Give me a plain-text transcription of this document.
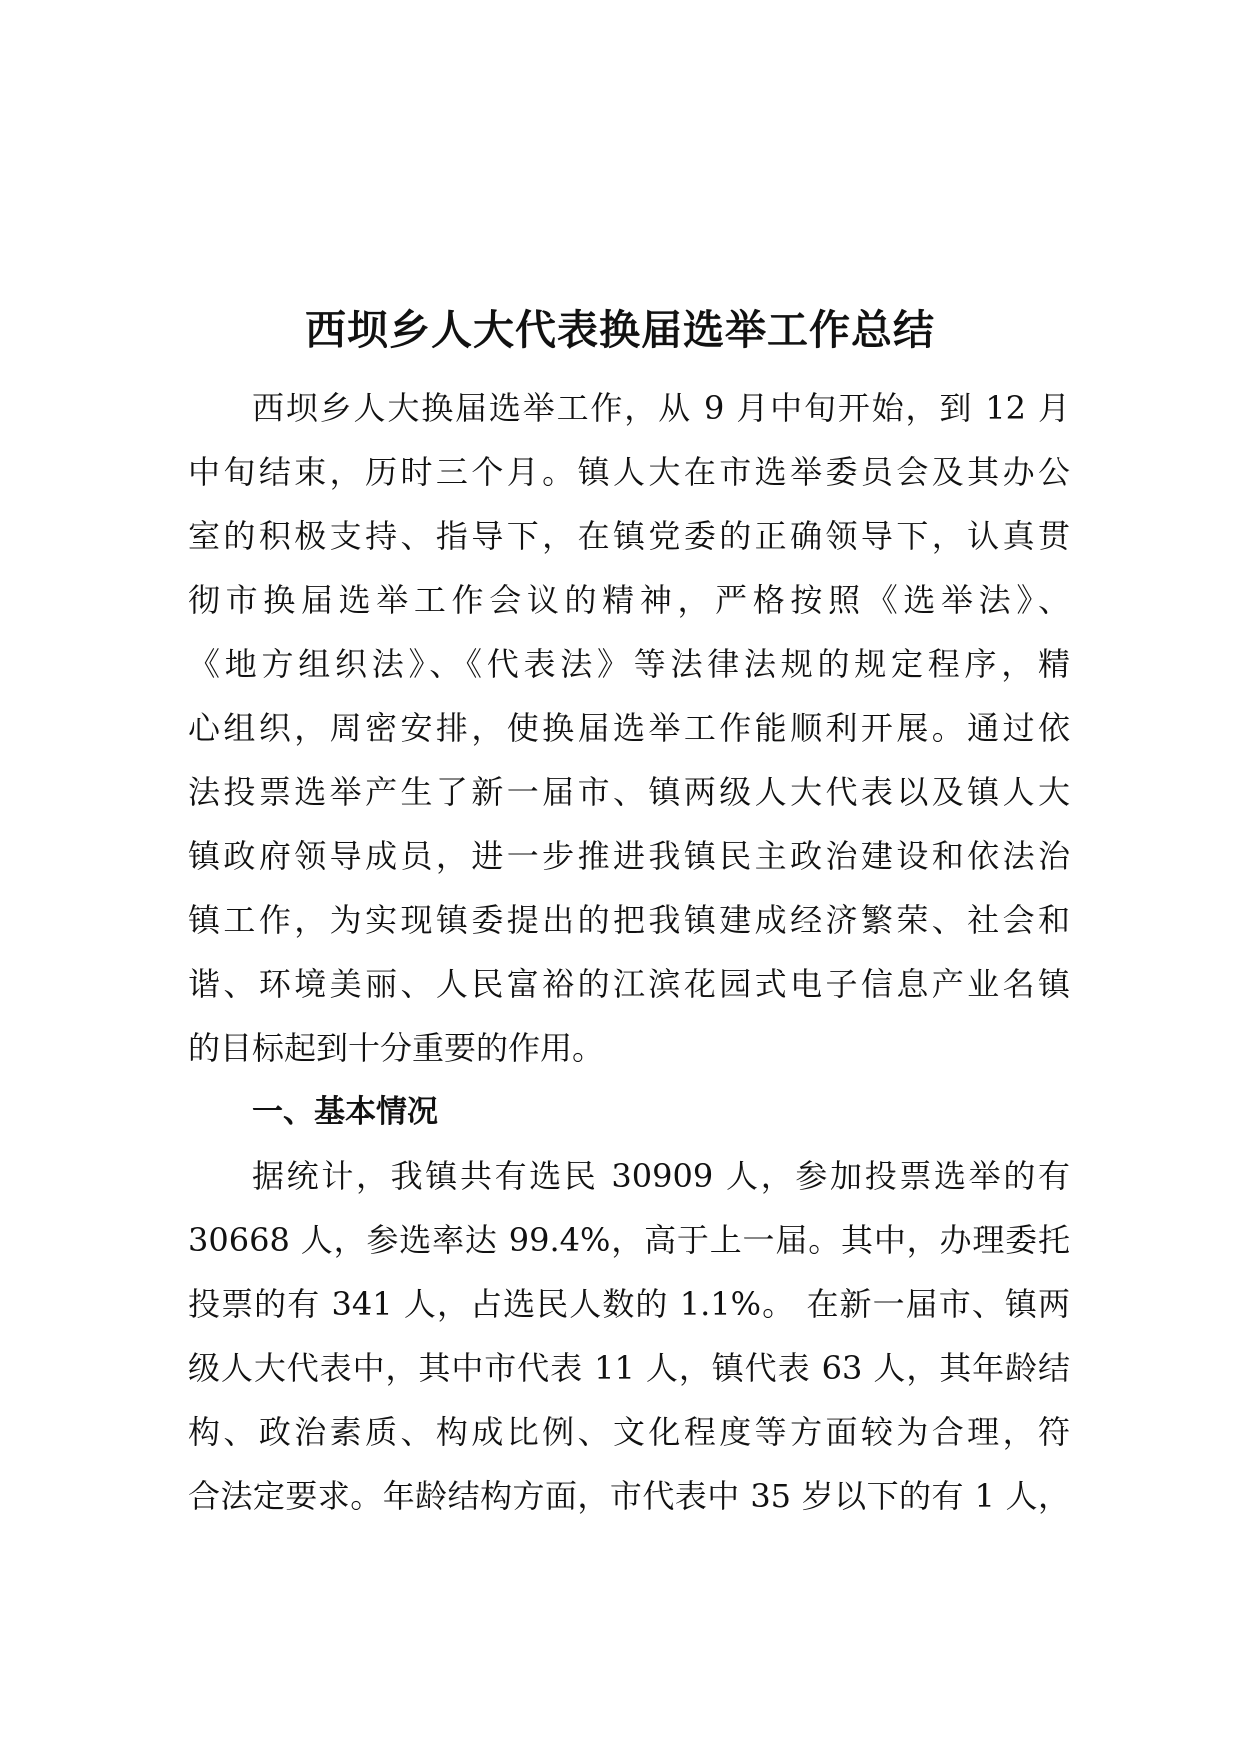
西坝乡人大代表换届选举工作总结

西坝乡人大换届选举工作，从 9 月中旬开始，到 12 月

中旬结束，历时三个月。镇人大在市选举委员会及其办公

室的积极支持、指导下，在镇党委的正确领导下，认真贯

彻市换届选举工作会议的精神，严格按照《选举法》、

《地方组织法》、《代表法》等法律法规的规定程序，精

心组织，周密安排，使换届选举工作能顺利开展。通过依

法投票选举产生了新一届市、镇两级人大代表以及镇人大

镇政府领导成员，进一步推进我镇民主政治建设和依法治

镇工作，为实现镇委提出的把我镇建成经济繁荣、社会和

谐、环境美丽、人民富裕的江滨花园式电子信息产业名镇

的目标起到十分重要的作用。

一、基本情况

据统计，我镇共有选民 30909 人，参加投票选举的有

30668 人，参选率达 99.4%，高于上一届。其中，办理委托

投票的有 341 人，占选民人数的 1.1%。 在新一届市、镇两

级人大代表中，其中市代表 11 人，镇代表 63 人，其年龄结

构、政治素质、构成比例、文化程度等方面较为合理，符

合法定要求。年龄结构方面，市代表中 35 岁以下的有 1 人，
